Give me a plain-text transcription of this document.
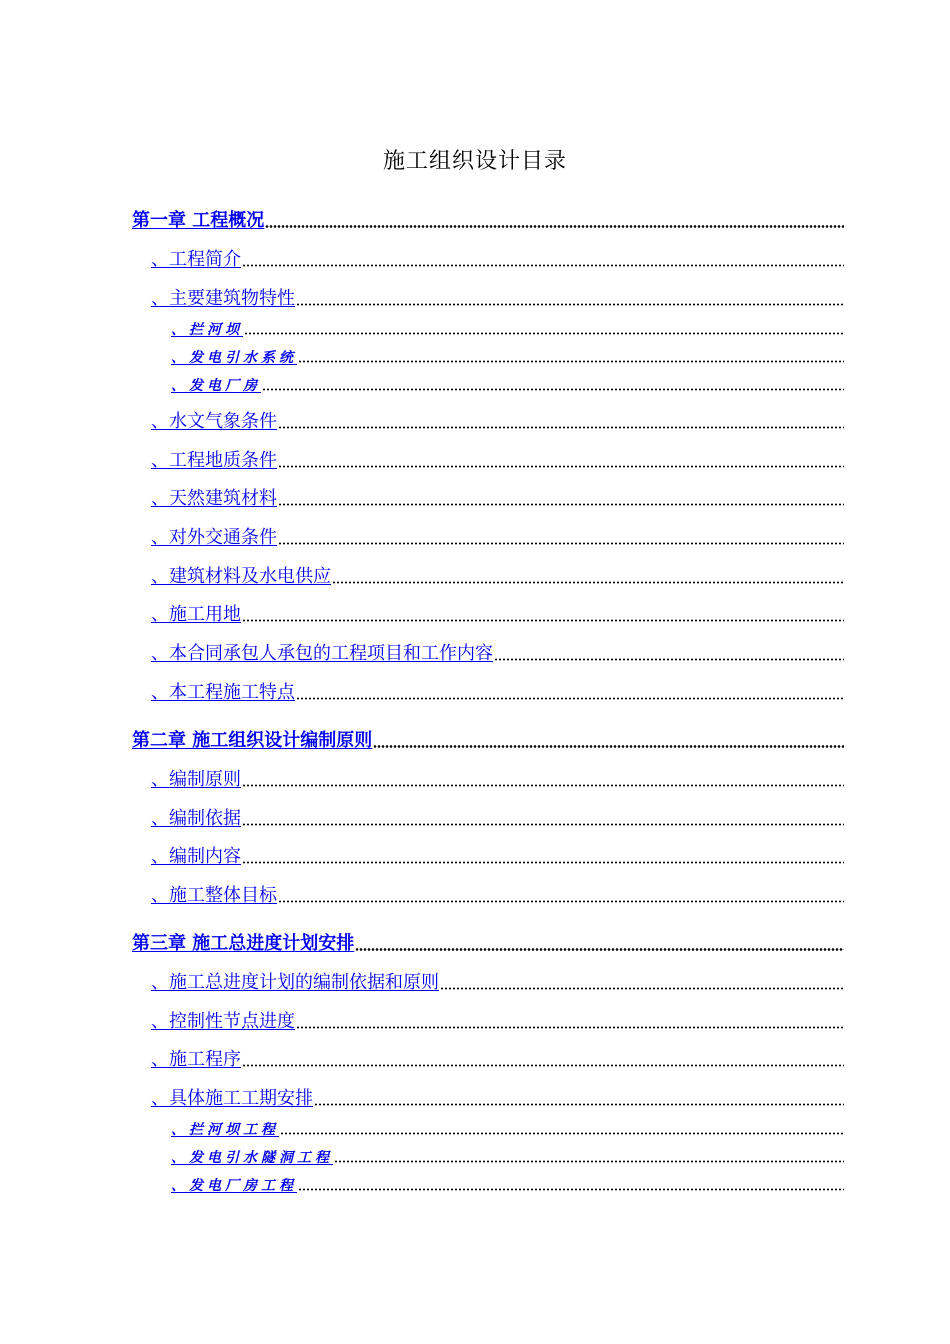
施工组织设计目录
第一章 工程概况
、工程简介
、主要建筑物特性
、拦河坝
、发电引水系统
、发电厂房
、水文气象条件
、工程地质条件
、天然建筑材料
、对外交通条件
、建筑材料及水电供应
、施工用地
、本合同承包人承包的工程项目和工作内容
、本工程施工特点
第二章 施工组织设计编制原则
、编制原则
、编制依据
、编制内容
、施工整体目标
第三章 施工总进度计划安排
、施工总进度计划的编制依据和原则
、控制性节点进度
、施工程序
、具体施工工期安排
、拦河坝工程
、发电引水隧洞工程
、发电厂房工程
